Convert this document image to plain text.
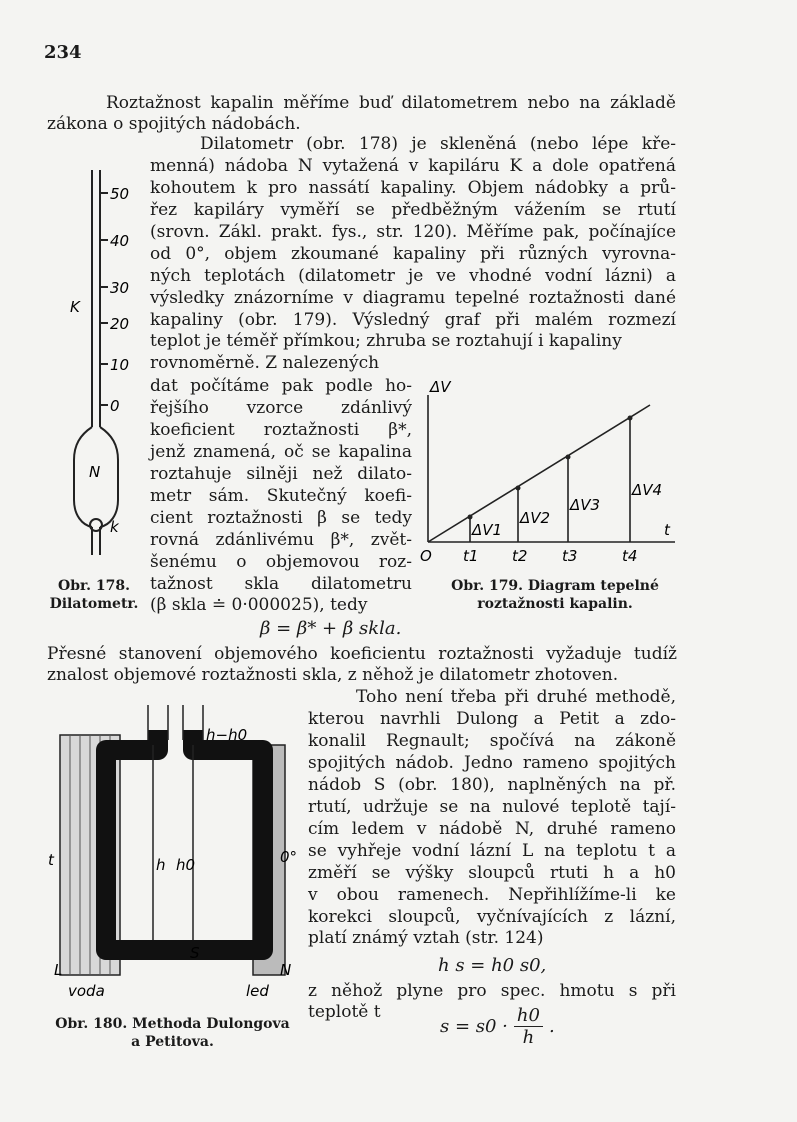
234
Roztažnost kapalin měříme buď dilatometrem nebo na základě
zákona o spojitých nádobách.
Dilatometr (obr. 178) je skleněná (nebo lépe kře-
menná) nádoba N vytažená v kapiláru K a dole opatřená
kohoutem k pro nassátí kapaliny. Objem nádobky a prů-
řez kapiláry vyměří se předběžným vážením se rtutí
(srovn. Zákl. prakt. fys., str. 120). Měříme pak, počínajíce
od 0°, objem zkoumané kapaliny při různých vyrovna-
ných teplotách (dilatometr je ve vhodné vodní lázni) a
výsledky znázorníme v diagramu tepelné roztažnosti dané
kapaliny (obr. 179). Výsledný graf při malém rozmezí
teplot je téměř přímkou; zhruba se roztahují i kapaliny
rovnoměrně. Z nalezených
dat počítáme pak podle ho-
řejšího vzorce zdánlivý
koeficient roztažnosti β*,
jenž znamená, oč se kapalina
roztahuje silněji než dilato-
metr sám. Skutečný koefi-
cient roztažnosti β se tedy
rovná zdánlivému β*, zvět-
šenému o objemovou roz-
tažnost skla dilatometru
(β skla ≐ 0·000025), tedy
50
40
30
20
10
0
K
N
k
Obr. 178.
Dilatometr.
ΔV
t
O t1 t2 t3	t4
ΔV1
ΔV2
ΔV3
ΔV4
Obr. 179. Diagram tepelné
roztažnosti kapalin.
β = β* + β skla.
Přesné stanovení objemového koeficientu roztažnosti vyžaduje tudíž
znalost objemové roztažnosti skla, z něhož je dilatometr zhotoven.
Toho není třeba při druhé methodě,
kterou navrhli Dulong a Petit a zdo-
konalil Regnault; spočívá na zákoně
spojitých nádob. Jedno rameno spojitých
nádob S (obr. 180), naplněných na př.
rtutí, udržuje se na nulové teplotě tají-
cím ledem v nádobě N, druhé rameno
se vyhřeje vodní lázní L na teplotu t a
změří se výšky sloupců rtuti h a h0
v obou ramenech. Nepřihlížíme-li ke
korekci sloupců, vyčnívajících z lázní,
platí známý vztah (str. 124)
t	h h0	0°
S
L	N
h−h0
voda	led
Obr. 180. Methoda Dulongova
a Petitova.
h s = h0 s0,
z něhož plyne pro spec. hmotu s při
teplotě t
$s = s0 \cdot \frac{h0}{h}$ .
